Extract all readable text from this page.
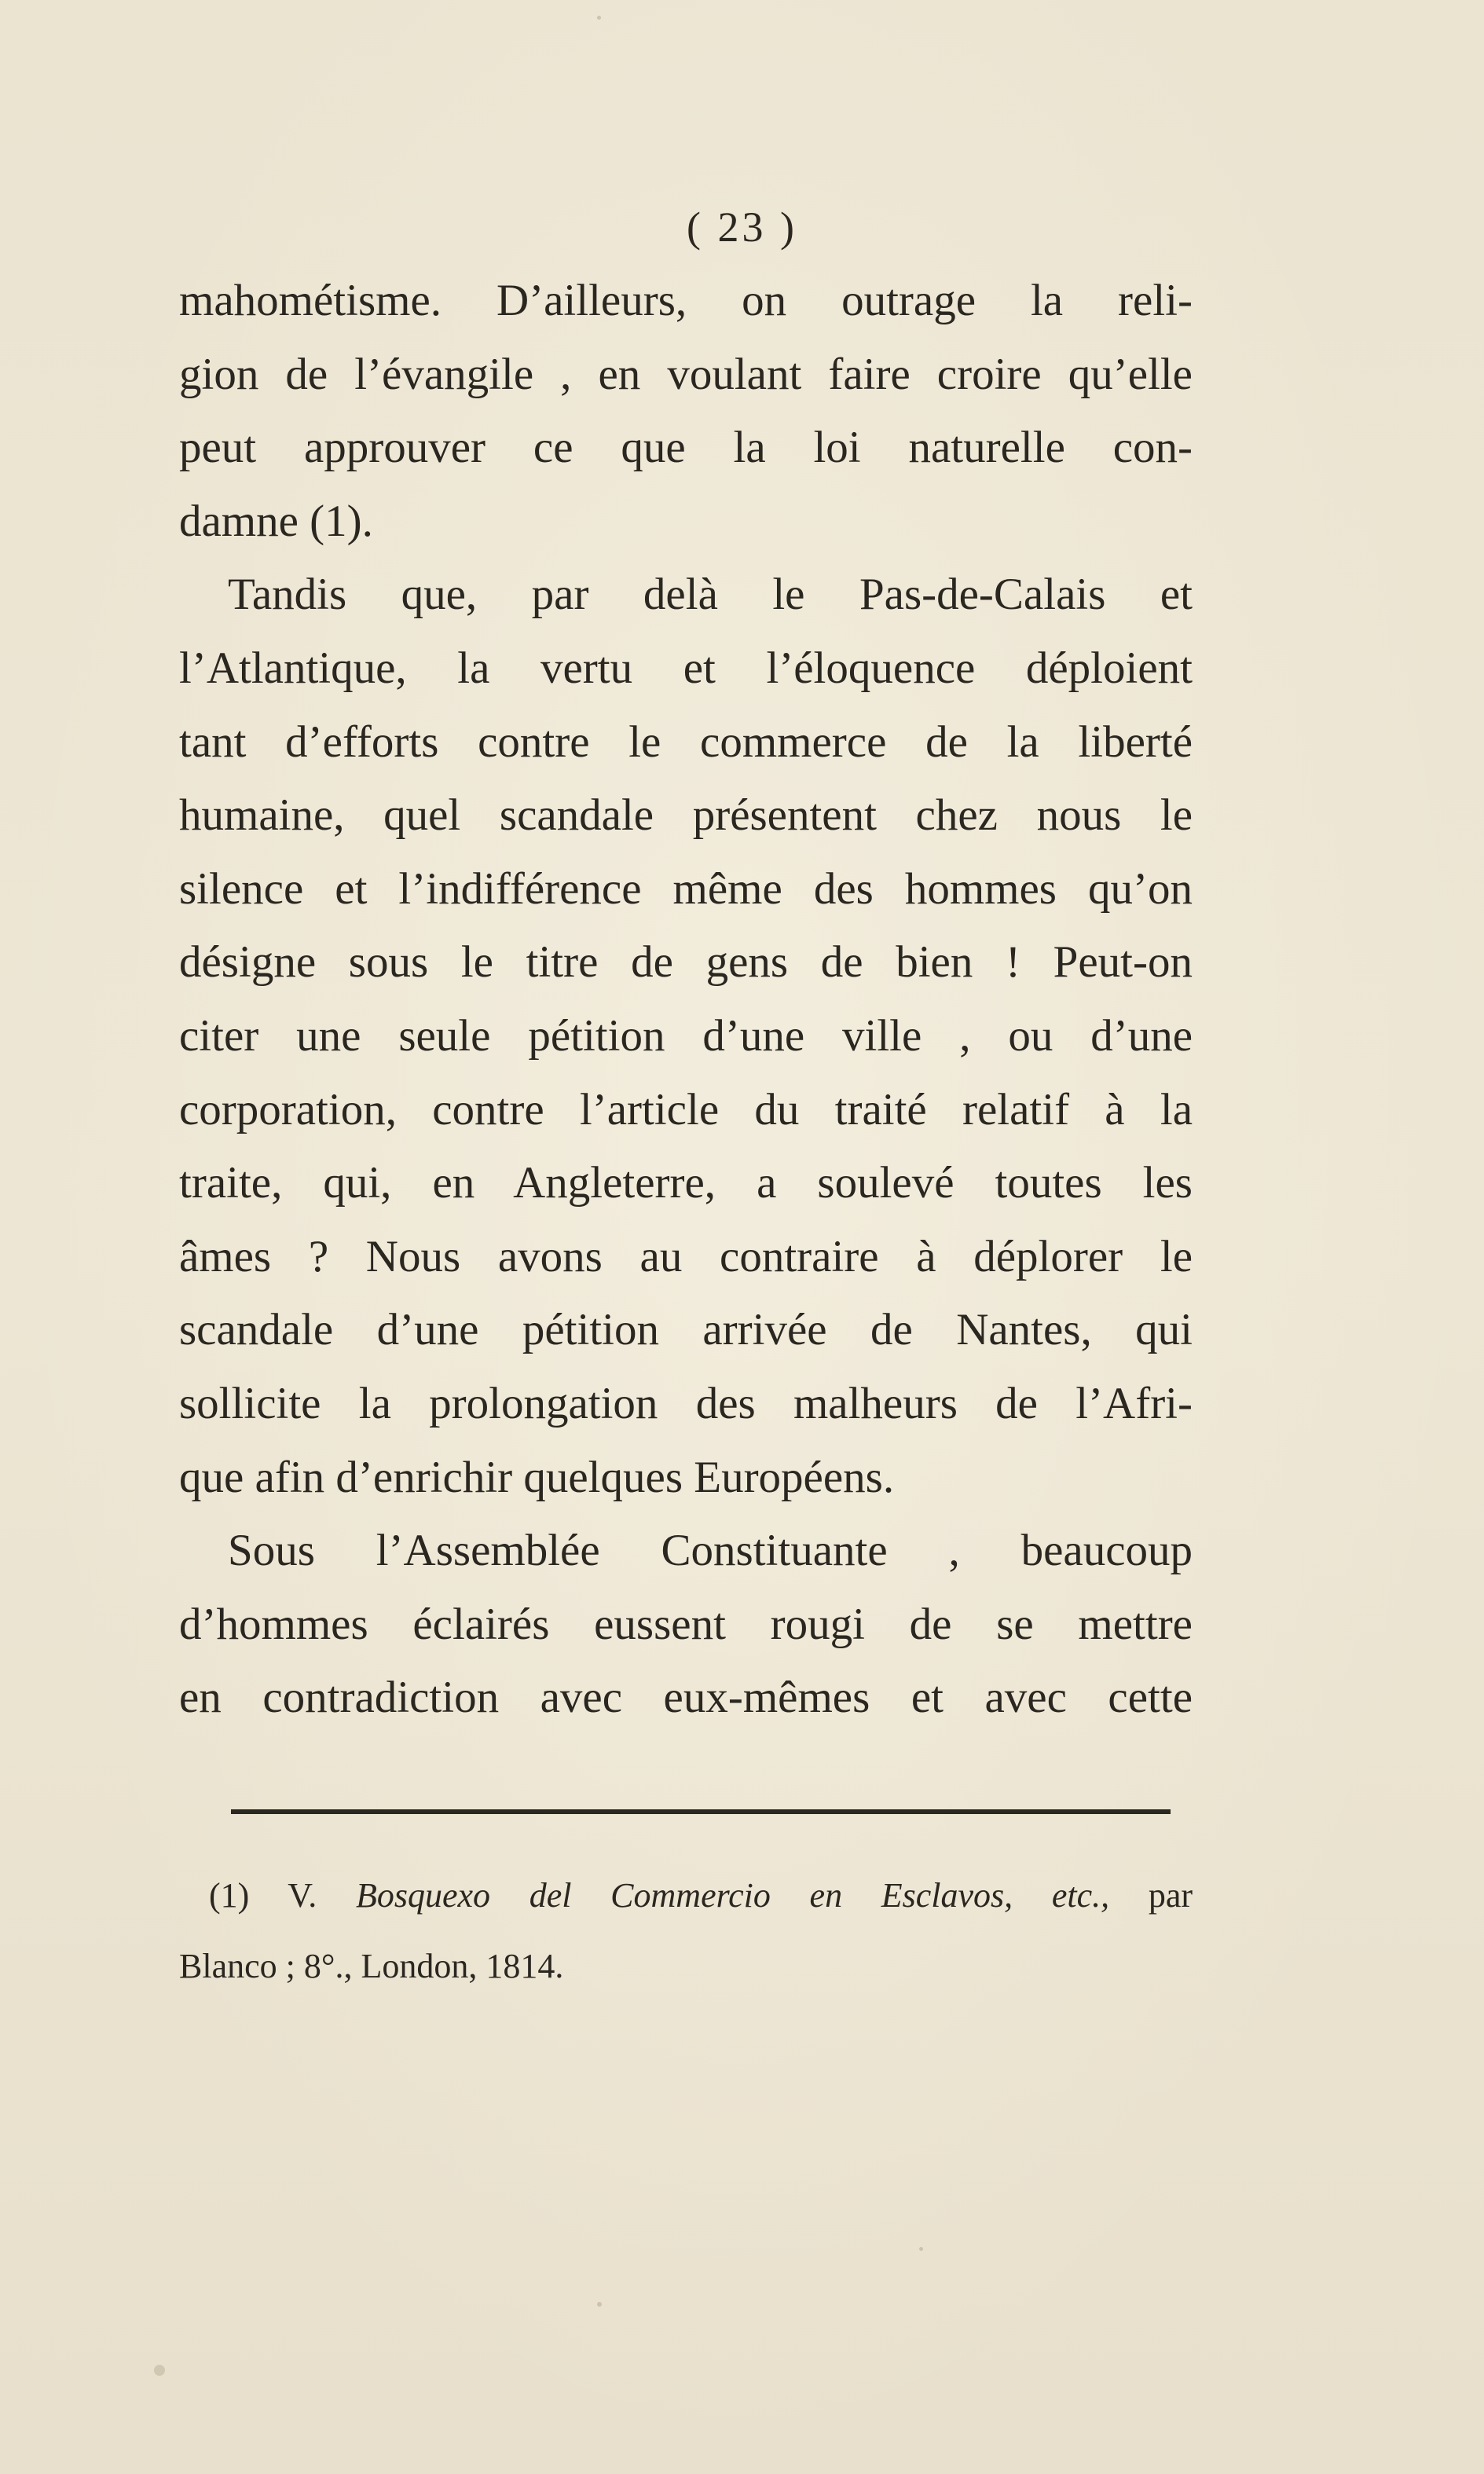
( 23 )
mahométisme. D’ailleurs, on outrage la reli-
gion de l’évangile , en voulant faire croire qu’elle
peut approuver ce que la loi naturelle con-
damne (1).
Tandis que, par delà le Pas-de-Calais et
l’Atlantique, la vertu et l’éloquence déploient
tant d’efforts contre le commerce de la liberté
humaine, quel scandale présentent chez nous le
silence et l’indifférence même des hommes qu’on
désigne sous le titre de gens de bien ! Peut-on
citer une seule pétition d’une ville , ou d’une
corporation, contre l’article du traité relatif à la
traite, qui, en Angleterre, a soulevé toutes les
âmes ? Nous avons au contraire à déplorer le
scandale d’une pétition arrivée de Nantes, qui
sollicite la prolongation des malheurs de l’Afri-
que afin d’enrichir quelques Européens.
Sous l’Assemblée Constituante , beaucoup
d’hommes éclairés eussent rougi de se mettre
en contradiction avec eux-mêmes et avec cette
(1) V. Bosquexo del Commercio en Esclavos, etc., par
Blanco ; 8°., London, 1814.
